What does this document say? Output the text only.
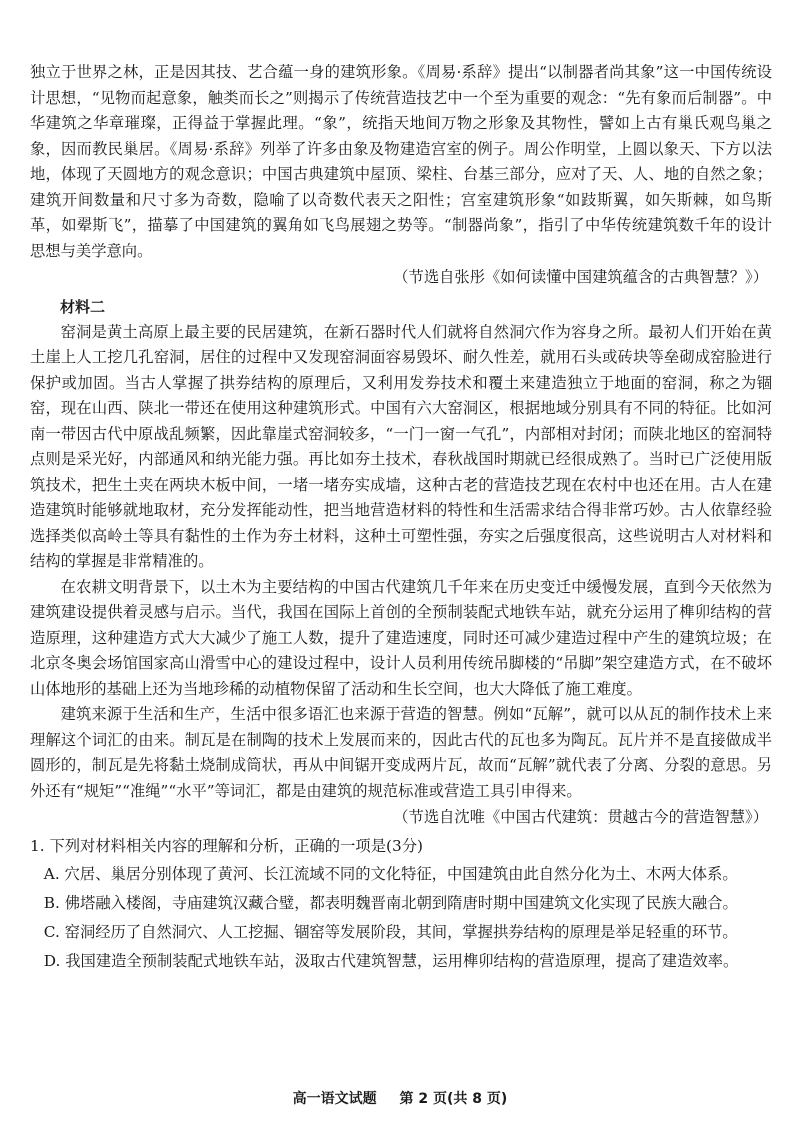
独立于世界之林，正是因其技、艺合蕴一身的建筑形象。《周易·系辞》提出“以制器者尚其象”这一中国传统设计思想，“见物而起意象，触类而长之”则揭示了传统营造技艺中一个至为重要的观念：“先有象而后制器”。中华建筑之华章璀璨，正得益于掌握此理。“象”，统指天地间万物之形象及其物性，譬如上古有巢氏观鸟巢之象，因而教民巢居。《周易·系辞》列举了许多由象及物建造宫室的例子。周公作明堂，上圆以象天、下方以法地，体现了天圆地方的观念意识；中国古典建筑中屋顶、梁柱、台基三部分，应对了天、人、地的自然之象；建筑开间数量和尺寸多为奇数，隐喻了以奇数代表天之阳性；宫室建筑形象“如跂斯翼，如矢斯棘，如鸟斯革，如翚斯飞”，描摹了中国建筑的翼角如飞鸟展翅之势等。“制器尚象”，指引了中华传统建筑数千年的设计思想与美学意向。

（节选自张彤《如何读懂中国建筑蕴含的古典智慧？》）

材料二

窑洞是黄土高原上最主要的民居建筑，在新石器时代人们就将自然洞穴作为容身之所。最初人们开始在黄土崖上人工挖几孔窑洞，居住的过程中又发现窑洞面容易毁坏、耐久性差，就用石头或砖块等垒砌成窑脸进行保护或加固。当古人掌握了拱券结构的原理后，又利用发券技术和覆土来建造独立于地面的窑洞，称之为锢窑，现在山西、陕北一带还在使用这种建筑形式。中国有六大窑洞区，根据地域分别具有不同的特征。比如河南一带因古代中原战乱频繁，因此靠崖式窑洞较多，“一门一窗一气孔”，内部相对封闭；而陕北地区的窑洞特点则是采光好，内部通风和纳光能力强。再比如夯土技术，春秋战国时期就已经很成熟了。当时已广泛使用版筑技术，把生土夹在两块木板中间，一堵一堵夯实成墙，这种古老的营造技艺现在农村中也还在用。古人在建造建筑时能够就地取材，充分发挥能动性，把当地营造材料的特性和生活需求结合得非常巧妙。古人依靠经验选择类似高岭土等具有黏性的土作为夯土材料，这种土可塑性强，夯实之后强度很高，这些说明古人对材料和结构的掌握是非常精准的。

在农耕文明背景下，以土木为主要结构的中国古代建筑几千年来在历史变迁中缓慢发展，直到今天依然为建筑建设提供着灵感与启示。当代，我国在国际上首创的全预制装配式地铁车站，就充分运用了榫卯结构的营造原理，这种建造方式大大减少了施工人数，提升了建造速度，同时还可减少建造过程中产生的建筑垃圾；在北京冬奥会场馆国家高山滑雪中心的建设过程中，设计人员利用传统吊脚楼的“吊脚”架空建造方式，在不破坏山体地形的基础上还为当地珍稀的动植物保留了活动和生长空间，也大大降低了施工难度。

建筑来源于生活和生产，生活中很多语汇也来源于营造的智慧。例如“瓦解”，就可以从瓦的制作技术上来理解这个词汇的由来。制瓦是在制陶的技术上发展而来的，因此古代的瓦也多为陶瓦。瓦片并不是直接做成半圆形的，制瓦是先将黏土烧制成筒状，再从中间锯开变成两片瓦，故而“瓦解”就代表了分离、分裂的意思。另外还有“规矩”“准绳”“水平”等词汇，都是由建筑的规范标准或营造工具引申得来。

（节选自沈唯《中国古代建筑：贯越古今的营造智慧》）

1. 下列对材料相关内容的理解和分析，正确的一项是(3分)

A. 穴居、巢居分别体现了黄河、长江流域不同的文化特征，中国建筑由此自然分化为土、木两大体系。

B. 佛塔融入楼阁，寺庙建筑汉藏合璧，都表明魏晋南北朝到隋唐时期中国建筑文化实现了民族大融合。

C. 窑洞经历了自然洞穴、人工挖掘、锢窑等发展阶段，其间，掌握拱券结构的原理是举足轻重的环节。

D. 我国建造全预制装配式地铁车站，汲取古代建筑智慧，运用榫卯结构的营造原理，提高了建造效率。

高一语文试题 第 2 页(共 8 页)
